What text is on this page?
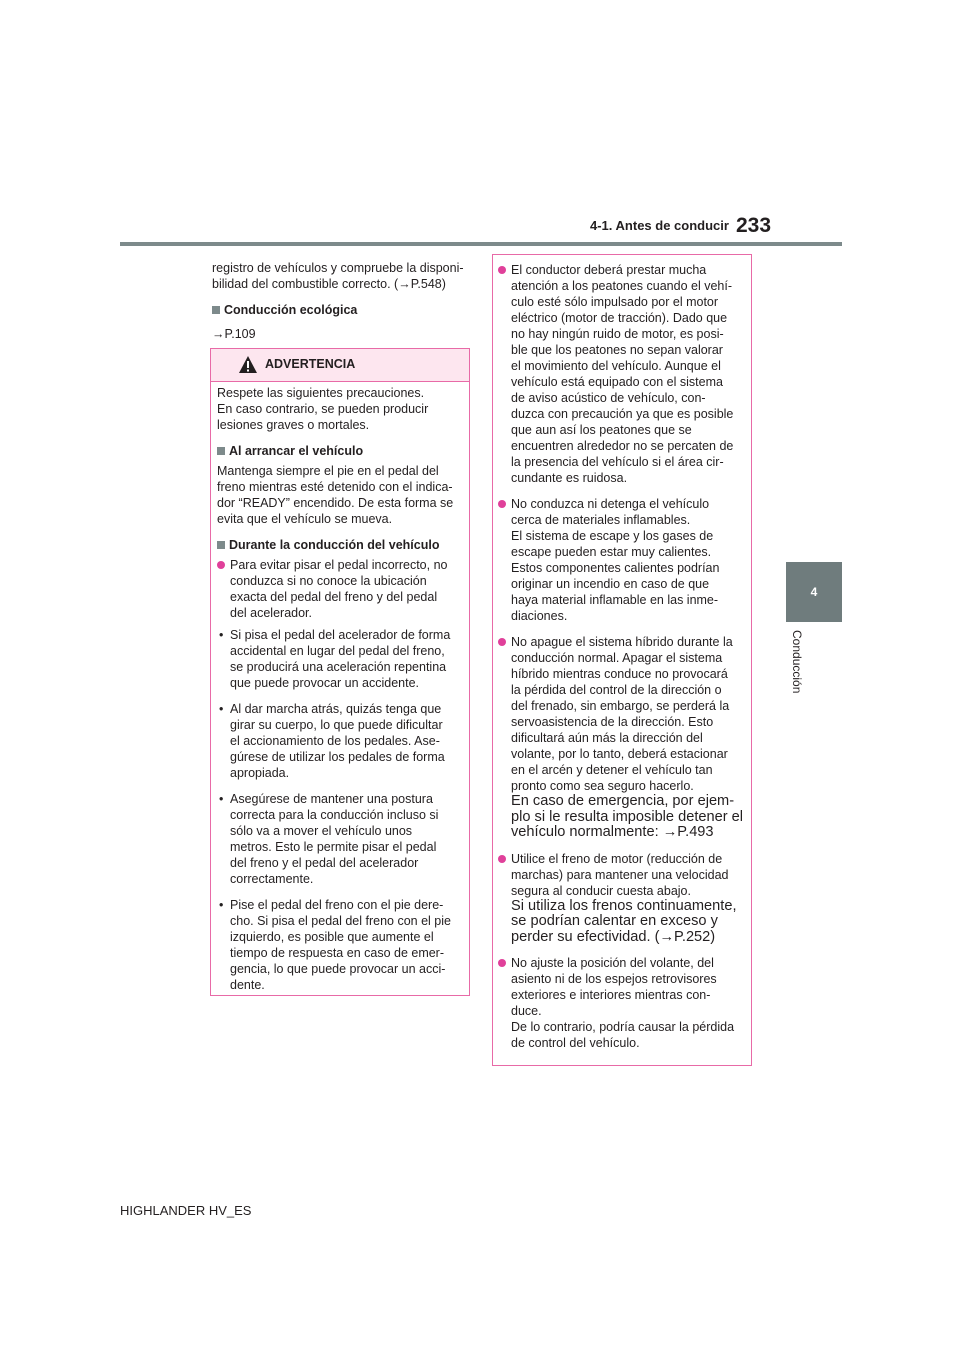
4-1. Antes de conducir 233
4
Conducción
registro de vehículos y compruebe la disponi-
bilidad del combustible correcto. (→P.548)
Conducción ecológica
→P.109
ADVERTENCIA
Respete las siguientes precauciones.
En caso contrario, se pueden producir
lesiones graves o mortales.
Al arrancar el vehículo
Mantenga siempre el pie en el pedal del
freno mientras esté detenido con el indica-
dor “READY” encendido. De esta forma se
evita que el vehículo se mueva.
Durante la conducción del vehículo
Para evitar pisar el pedal incorrecto, no
conduzca si no conoce la ubicación
exacta del pedal del freno y del pedal
del acelerador.
• Si pisa el pedal del acelerador de forma
accidental en lugar del pedal del freno,
se producirá una aceleración repentina
que puede provocar un accidente.
• Al dar marcha atrás, quizás tenga que
girar su cuerpo, lo que puede dificultar
el accionamiento de los pedales. Ase-
gúrese de utilizar los pedales de forma
apropiada.
• Asegúrese de mantener una postura
correcta para la conducción incluso si
sólo va a mover el vehículo unos
metros. Esto le permite pisar el pedal
del freno y el pedal del acelerador
correctamente.
• Pise el pedal del freno con el pie dere-
cho. Si pisa el pedal del freno con el pie
izquierdo, es posible que aumente el
tiempo de respuesta en caso de emer-
gencia, lo que puede provocar un acci-
dente.
El conductor deberá prestar mucha
atención a los peatones cuando el vehí-
culo esté sólo impulsado por el motor
eléctrico (motor de tracción). Dado que
no hay ningún ruido de motor, es posi-
ble que los peatones no sepan valorar
el movimiento del vehículo. Aunque el
vehículo está equipado con el sistema
de aviso acústico de vehículo, con-
duzca con precaución ya que es posible
que aun así los peatones que se
encuentren alrededor no se percaten de
la presencia del vehículo si el área cir-
cundante es ruidosa.
No conduzca ni detenga el vehículo
cerca de materiales inflamables.
El sistema de escape y los gases de
escape pueden estar muy calientes.
Estos componentes calientes podrían
originar un incendio en caso de que
haya material inflamable en las inme-
diaciones.
No apague el sistema híbrido durante la
conducción normal. Apagar el sistema
híbrido mientras conduce no provocará
la pérdida del control de la dirección o
del frenado, sin embargo, se perderá la
servoasistencia de la dirección. Esto
dificultará aún más la dirección del
volante, por lo tanto, deberá estacionar
en el arcén y detener el vehículo tan
pronto como sea seguro hacerlo.
En caso de emergencia, por ejem-
plo si le resulta imposible detener el
vehículo normalmente: →P.493
Utilice el freno de motor (reducción de
marchas) para mantener una velocidad
segura al conducir cuesta abajo.
Si utiliza los frenos continuamente,
se podrían calentar en exceso y
perder su efectividad. (→P.252)
No ajuste la posición del volante, del
asiento ni de los espejos retrovisores
exteriores e interiores mientras con-
duce.
De lo contrario, podría causar la pérdida
de control del vehículo.
HIGHLANDER HV_ES
